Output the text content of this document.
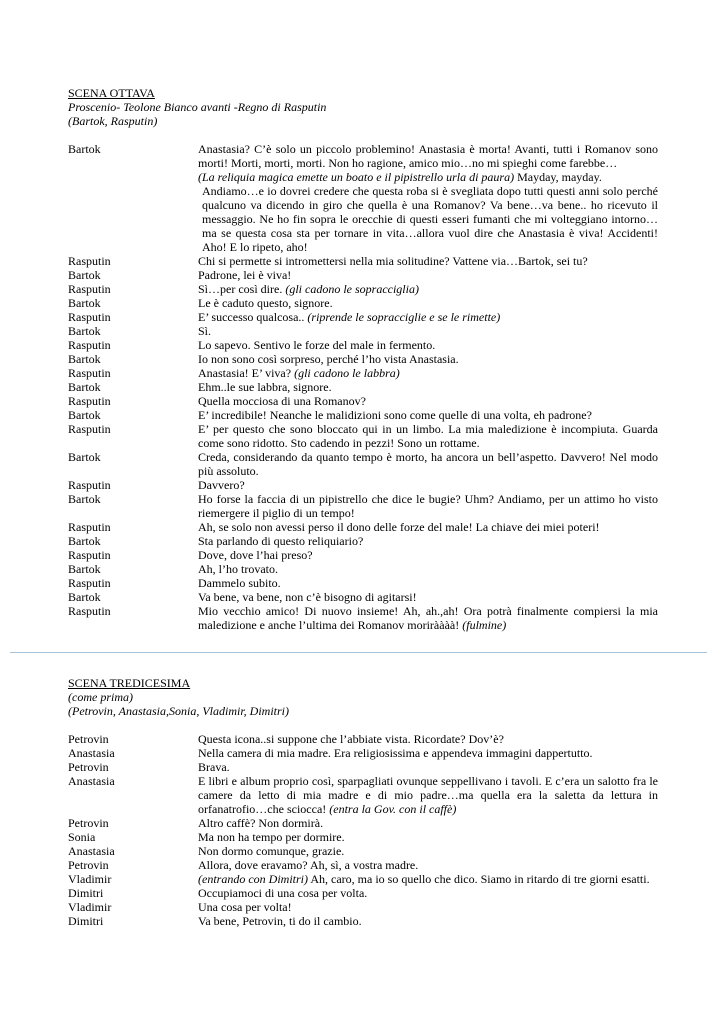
SCENA OTTAVA

Proscenio- Teolone Bianco avanti -Regno di Rasputin
(Bartok, Rasputin)
Bartok	Anastasia? C’è solo un piccolo problemino! Anastasia è morta! Avanti, tutti i Romanov sono morti! Morti, morti, morti. Non ho ragione, amico mio…no mi spieghi come farebbe…
(La reliquia magica emette un boato e il pipistrello urla di paura) Mayday, mayday.
Andiamo…e io dovrei credere che questa roba si è svegliata dopo tutti questi anni solo perché qualcuno va dicendo in giro che quella è una Romanov? Va bene…va bene.. ho ricevuto il messaggio. Ne ho fin sopra le orecchie di questi esseri fumanti che mi volteggiano intorno…ma se questa cosa sta per tornare in vita…allora vuol dire che Anastasia è viva! Accidenti! Aho! E lo ripeto, aho!
Rasputin	Chi si permette si intromettersi nella mia solitudine? Vattene via…Bartok, sei tu?
Bartok	Padrone, lei è viva!
Rasputin	Sì…per così dire. (gli cadono le sopracciglia)
Bartok	Le è caduto questo, signore.
Rasputin	E’ successo qualcosa.. (riprende le sopracciglie e se le rimette)
Bartok	Sì.
Rasputin	Lo sapevo. Sentivo le forze del male in fermento.
Bartok	Io non sono così sorpreso, perché l’ho vista Anastasia.
Rasputin	Anastasia! E’ viva? (gli cadono le labbra)
Bartok	Ehm..le sue labbra, signore.
Rasputin	Quella mocciosa di una Romanov?
Bartok	E’ incredibile! Neanche le malidizioni sono come quelle di una volta, eh padrone?
Rasputin	E’ per questo che sono bloccato qui in un limbo. La mia maledizione è incompiuta. Guarda come sono ridotto. Sto cadendo in pezzi! Sono un rottame.
Bartok	Creda, considerando da quanto tempo è morto, ha ancora un bell’aspetto. Davvero! Nel modo più assoluto.
Rasputin	Davvero?
Bartok	Ho forse la faccia di un pipistrello che dice le bugie? Uhm? Andiamo, per un attimo ho visto riemergere il piglio di un tempo!
Rasputin	Ah, se solo non avessi perso il dono delle forze del male! La chiave dei miei poteri!
Bartok	Sta parlando di questo reliquiario?
Rasputin	Dove, dove l’hai preso?
Bartok	Ah, l’ho trovato.
Rasputin	Dammelo subito.
Bartok	Va bene, va bene, non c’è bisogno di agitarsi!
Rasputin	Mio vecchio amico! Di nuovo insieme! Ah, ah.,ah! Ora potrà finalmente compiersi la mia maledizione e anche l’ultima dei Romanov moriràààà! (fulmine)

SCENA TREDICESIMA

(come prima)
(Petrovin, Anastasia,Sonia, Vladimir, Dimitri)
Petrovin	Questa icona..si suppone che l’abbiate vista. Ricordate? Dov’è?
Anastasia	Nella camera di mia madre. Era religiosissima e appendeva immagini dappertutto.
Petrovin	Brava.
Anastasia	E libri e album proprio così, sparpagliati ovunque seppellivano i tavoli. E c’era un salotto fra le camere da letto di mia madre e di mio padre…ma quella era la saletta da lettura in orfanatrofio…che sciocca! (entra la Gov. con il caffè)
Petrovin	Altro caffè? Non dormirà.
Sonia	Ma non ha tempo per dormire.
Anastasia	Non dormo comunque, grazie.
Petrovin	Allora, dove eravamo? Ah, sì, a vostra madre.
Vladimir	(entrando con Dimitri) Ah, caro, ma io so quello che dico. Siamo in ritardo di tre giorni esatti.
Dimitri	Occupiamoci di una cosa per volta.
Vladimir	Una cosa per volta!
Dimitri	Va bene, Petrovin, ti do il cambio.
